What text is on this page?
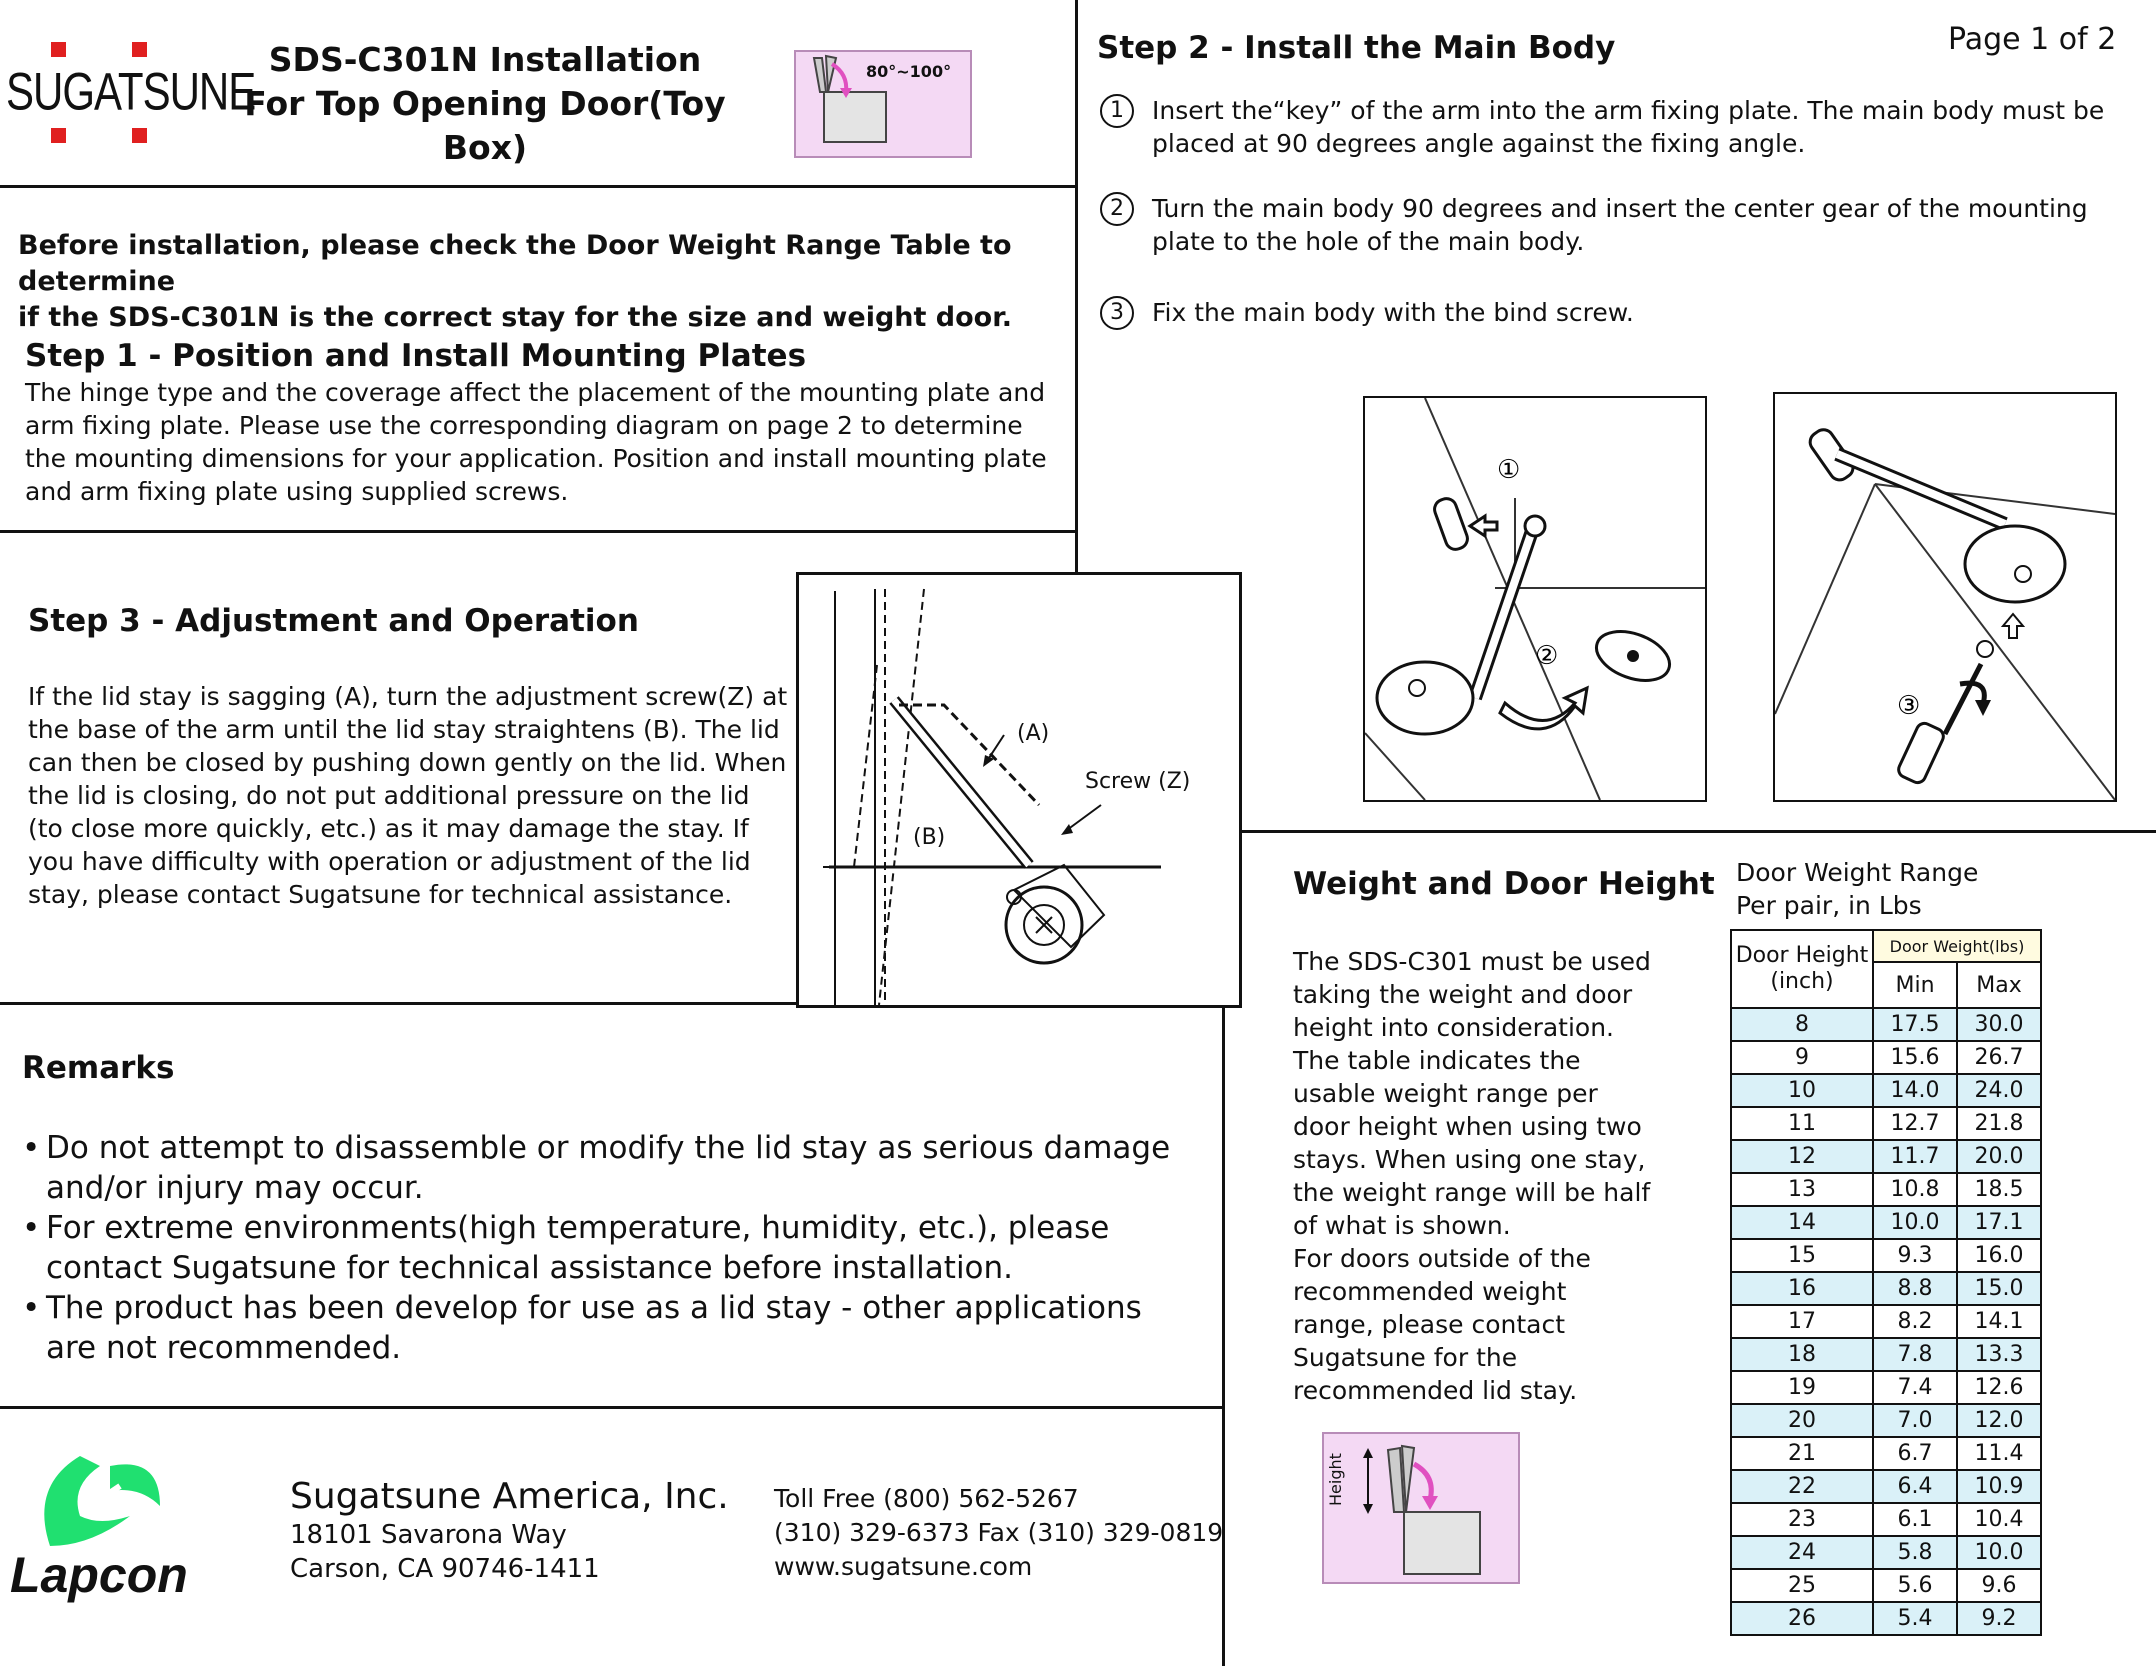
SUGATSUNE
SDS-C301N Installation
For Top Opening Door(Toy Box)
80°~100°
Before installation, please check the Door Weight Range Table to determine
if the SDS-C301N is the correct stay for the size and weight door.
Step 1 - Position and Install Mounting Plates
The hinge type and the coverage affect the placement of the mounting plate and arm fixing plate. Please use the corresponding diagram on page 2 to determine the mounting dimensions for your application. Position and install mounting plate and arm fixing plate using supplied screws.
Step 2 - Install the Main Body	Page 1 of 2
1	Insert the“key” of the arm into the arm fixing plate. The main body must be placed at 90 degrees angle against the fixing angle.
2	Turn the main body 90 degrees and insert the center gear of the mounting plate to the hole of the main body.
3	Fix the main body with the bind screw.
①
②
③
Step 3 - Adjustment and Operation
If the lid stay is sagging (A), turn the adjustment screw(Z) at the base of the arm until the lid stay straightens (B). The lid can then be closed by pushing down gently on the lid. When the lid is closing, do not put additional pressure on the lid (to close more quickly, etc.) as it may damage the stay. If you have difficulty with operation or adjustment of the lid stay, please contact Sugatsune for technical assistance.
(A)
(B)
Screw (Z)
Remarks
• Do not attempt to disassemble or modify the lid stay as serious damage and/or injury may occur.
• For extreme environments(high temperature, humidity, etc.), please contact Sugatsune for technical assistance before installation.
• The product has been develop for use as a lid stay - other applications are not recommended.
Lapcon
Sugatsune America, Inc.
18101 Savarona Way
Carson, CA 90746-1411
Toll Free (800) 562-5267
(310) 329-6373 Fax (310) 329-0819
www.sugatsune.com
Weight and Door Height
The SDS-C301 must be used taking the weight and door height into consideration. The table indicates the usable weight range per door height when using two stays. When using one stay, the weight range will be half of what is shown.
For doors outside of the recommended weight range, please contact Sugatsune for the recommended lid stay.
Height
Door Weight Range
Per pair, in Lbs
Door Height (inch)	Door Weight(lbs)	
	Min	Max
8	17.5	30.0
9	15.6	26.7
10	14.0	24.0
11	12.7	21.8
12	11.7	20.0
13	10.8	18.5
14	10.0	17.1
15	9.3	16.0
16	8.8	15.0
17	8.2	14.1
18	7.8	13.3
19	7.4	12.6
20	7.0	12.0
21	6.7	11.4
22	6.4	10.9
23	6.1	10.4
24	5.8	10.0
25	5.6	9.6
26	5.4	9.2
